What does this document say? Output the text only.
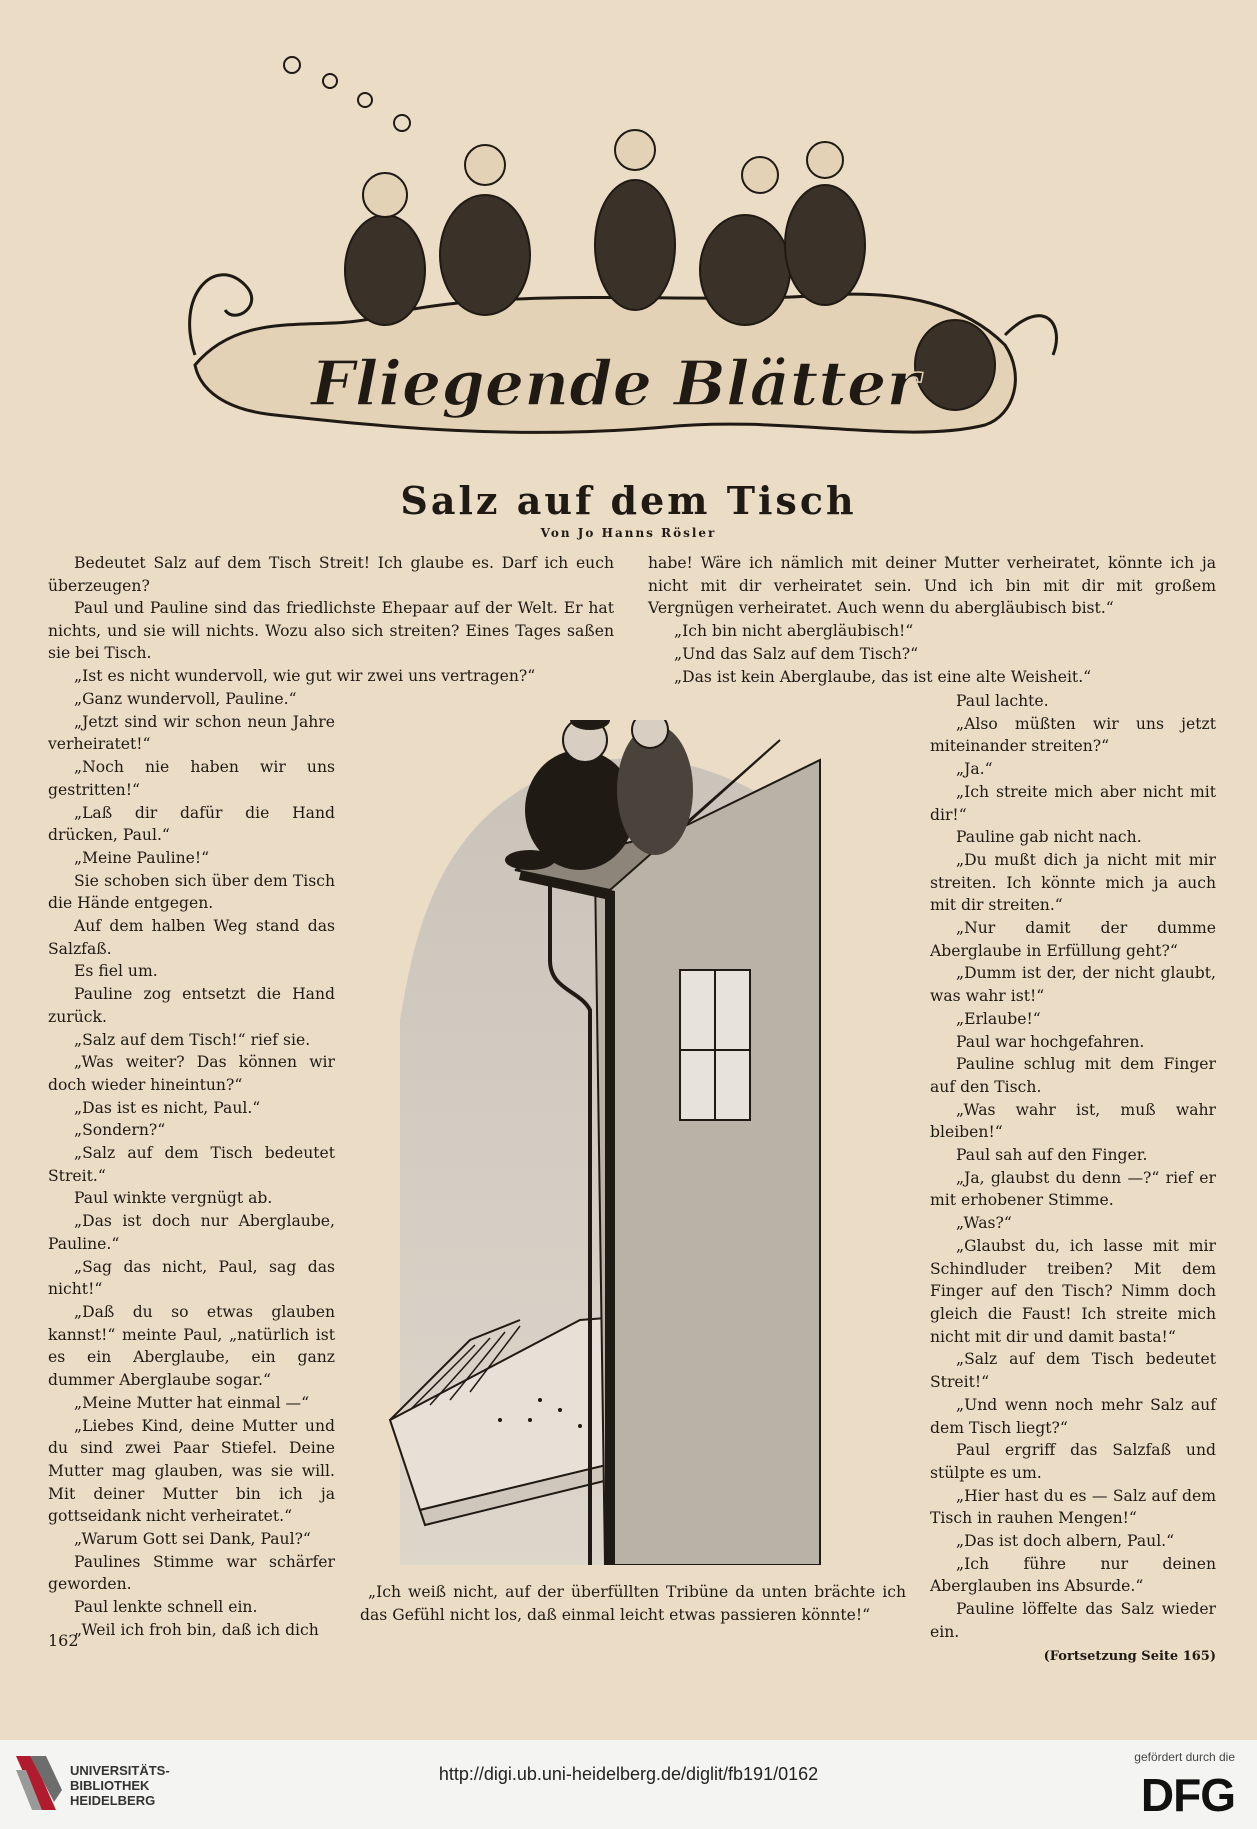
Fliegende Blätter
Salz auf dem Tisch
Von Jo Hanns Rösler

Bedeutet Salz auf dem Tisch Streit! Ich glaube es. Darf ich euch überzeugen?

Paul und Pauline sind das friedlichste Ehepaar auf der Welt. Er hat nichts, und sie will nichts. Wozu also sich streiten? Eines Tages saßen sie bei Tisch.

„Ist es nicht wundervoll, wie gut wir zwei uns vertragen?“

„Ganz wundervoll, Pauline.“

„Jetzt sind wir schon neun Jahre verheiratet!“

„Noch nie haben wir uns gestritten!“

„Laß dir dafür die Hand drücken, Paul.“

„Meine Pauline!“

Sie schoben sich über dem Tisch die Hände entgegen.

Auf dem halben Weg stand das Salzfaß.

Es fiel um.

Pauline zog entsetzt die Hand zurück.

„Salz auf dem Tisch!“ rief sie.

„Was weiter? Das können wir doch wieder hineintun?“

„Das ist es nicht, Paul.“

„Sondern?“

„Salz auf dem Tisch bedeutet Streit.“

Paul winkte vergnügt ab.

„Das ist doch nur Aberglaube, Pauline.“

„Sag das nicht, Paul, sag das nicht!“

„Daß du so etwas glauben kannst!“ meinte Paul, „natürlich ist es ein Aberglaube, ein ganz dummer Aberglaube sogar.“

„Meine Mutter hat einmal —“

„Liebes Kind, deine Mutter und du sind zwei Paar Stiefel. Deine Mutter mag glauben, was sie will. Mit deiner Mutter bin ich ja gottseidank nicht verheiratet.“

„Warum Gott sei Dank, Paul?“

Paulines Stimme war schärfer geworden.

Paul lenkte schnell ein.

„Weil ich froh bin, daß ich dich

habe! Wäre ich nämlich mit deiner Mutter verheiratet, könnte ich ja nicht mit dir verheiratet sein. Und ich bin mit dir mit großem Vergnügen verheiratet. Auch wenn du abergläubisch bist.“

„Ich bin nicht abergläubisch!“

„Und das Salz auf dem Tisch?“

„Das ist kein Aberglaube, das ist eine alte Weisheit.“

Paul lachte.

„Also müßten wir uns jetzt miteinander streiten?“

„Ja.“

„Ich streite mich aber nicht mit dir!“

Pauline gab nicht nach.

„Du mußt dich ja nicht mit mir streiten. Ich könnte mich ja auch mit dir streiten.“

„Nur damit der dumme Aberglaube in Erfüllung geht?“

„Dumm ist der, der nicht glaubt, was wahr ist!“

„Erlaube!“

Paul war hochgefahren.

Pauline schlug mit dem Finger auf den Tisch.

„Was wahr ist, muß wahr bleiben!“

Paul sah auf den Finger.

„Ja, glaubst du denn —?“ rief er mit erhobener Stimme.

„Was?“

„Glaubst du, ich lasse mit mir Schindluder treiben? Mit dem Finger auf den Tisch? Nimm doch gleich die Faust! Ich streite mich nicht mit dir und damit basta!“

„Salz auf dem Tisch bedeutet Streit!“

„Und wenn noch mehr Salz auf dem Tisch liegt?“

Paul ergriff das Salzfaß und stülpte es um.

„Hier hast du es — Salz auf dem Tisch in rauhen Mengen!“

„Das ist doch albern, Paul.“

„Ich führe nur deinen Aberglauben ins Absurde.“

Pauline löffelte das Salz wieder ein.

(Fortsetzung Seite 165)

„Ich weiß nicht, auf der überfüllten Tribüne da unten brächte ich das Gefühl nicht los, daß einmal leicht etwas passieren könnte!“

162
UNIVERSITÄTS-
BIBLIOTHEK
HEIDELBERG
http://digi.ub.uni-heidelberg.de/diglit/fb191/0162
gefördert durch die
DFG
